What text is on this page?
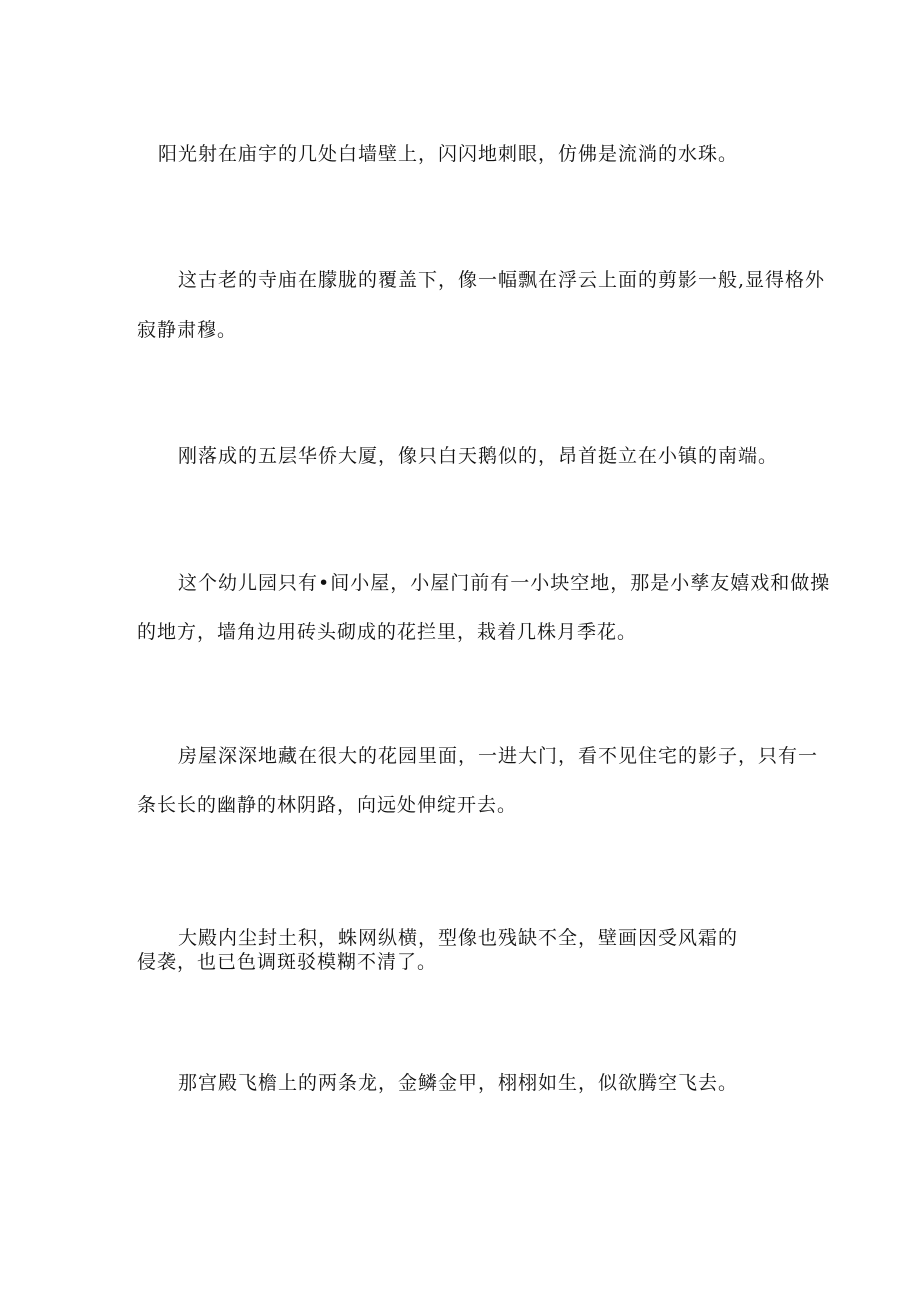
阳光射在庙宇的几处白墙壁上，闪闪地刺眼，仿佛是流淌的水珠。
这古老的寺庙在朦胧的覆盖下，像一幅飘在浮云上面的剪影一般,显得格外
寂静肃穆。
刚落成的五层华侨大厦，像只白天鹅似的，昂首挺立在小镇的南端。
这个幼儿园只有•间小屋，小屋门前有一小块空地，那是小孳友嬉戏和做操
的地方，墙角边用砖头砌成的花拦里，栽着几株月季花。
房屋深深地藏在很大的花园里面，一进大门，看不见住宅的影子，只有一
条长长的幽静的林阴路，向远处伸绽开去。
大殿内尘封土积，蛛网纵横，型像也残缺不全，壁画因受风霜的
侵袭，也已色调斑驳模糊不清了。
那宫殿飞檐上的两条龙，金鳞金甲，栩栩如生，似欲腾空飞去。
